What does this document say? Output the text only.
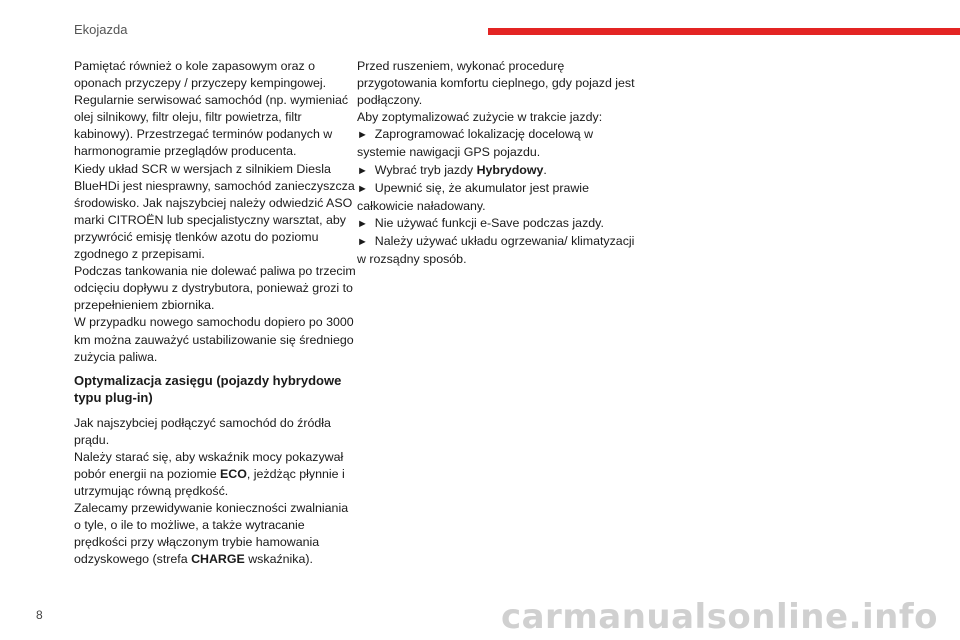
Ekojazda

Pamiętać również o kole zapasowym oraz o oponach przyczepy / przyczepy kempingowej.

Regularnie serwisować samochód (np. wymieniać olej silnikowy, filtr oleju, filtr powietrza, filtr kabinowy). Przestrzegać terminów podanych w harmonogramie przeglądów producenta.

Kiedy układ SCR w wersjach z silnikiem Diesla BlueHDi jest niesprawny, samochód zanieczyszcza środowisko. Jak najszybciej należy odwiedzić ASO marki CITROËN lub specjalistyczny warsztat, aby przywrócić emisję tlenków azotu do poziomu zgodnego z przepisami.

Podczas tankowania nie dolewać paliwa po trzecim odcięciu dopływu z dystrybutora, ponieważ grozi to przepełnieniem zbiornika.

W przypadku nowego samochodu dopiero po 3000 km można zauważyć ustabilizowanie się średniego zużycia paliwa.

Optymalizacja zasięgu (pojazdy hybrydowe typu plug-in)

Jak najszybciej podłączyć samochód do źródła prądu.

Należy starać się, aby wskaźnik mocy pokazywał pobór energii na poziomie ECO, jeżdżąc płynnie i utrzymując równą prędkość.

Zalecamy przewidywanie konieczności zwalniania o tyle, o ile to możliwe, a także wytracanie prędkości przy włączonym trybie hamowania odzyskowego (strefa CHARGE wskaźnika).

Przed ruszeniem, wykonać procedurę przygotowania komfortu cieplnego, gdy pojazd jest podłączony.

Aby zoptymalizować zużycie w trakcie jazdy:

► Zaprogramować lokalizację docelową w systemie nawigacji GPS pojazdu.

► Wybrać tryb jazdy Hybrydowy.

► Upewnić się, że akumulator jest prawie całkowicie naładowany.

► Nie używać funkcji e-Save podczas jazdy.

► Należy używać układu ogrzewania/ klimatyzacji w rozsądny sposób.

8	carmanualsonline.info
